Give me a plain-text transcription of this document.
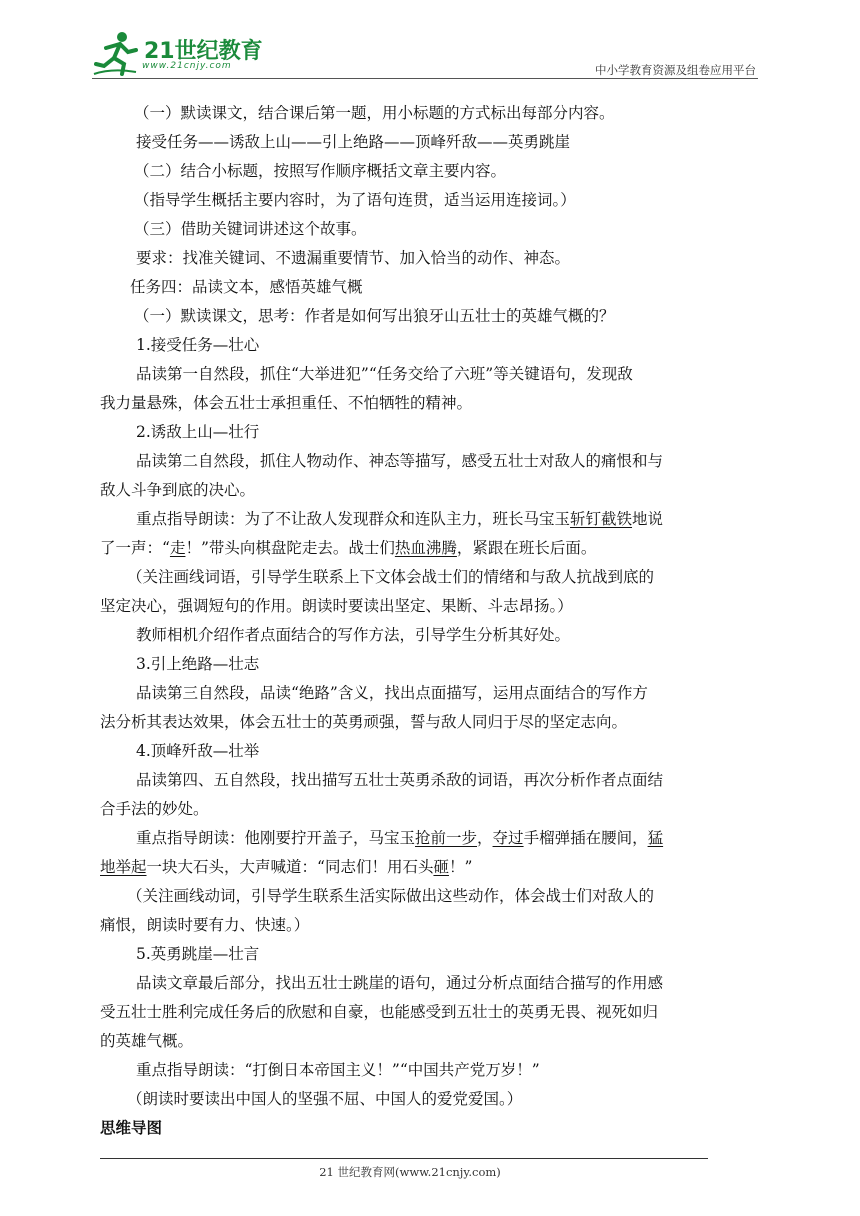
21世纪教育
www.21cnjy.com	中小学教育资源及组卷应用平台
（一）默读课文，结合课后第一题，用小标题的方式标出每部分内容。
接受任务——诱敌上山——引上绝路——顶峰歼敌——英勇跳崖
（二）结合小标题，按照写作顺序概括文章主要内容。
（指导学生概括主要内容时，为了语句连贯，适当运用连接词。）
（三）借助关键词讲述这个故事。
要求：找准关键词、不遗漏重要情节、加入恰当的动作、神态。
任务四：品读文本，感悟英雄气概
（一）默读课文，思考：作者是如何写出狼牙山五壮士的英雄气概的？
1.接受任务—壮心
品读第一自然段，抓住“大举进犯”“任务交给了六班”等关键语句，发现敌
我力量悬殊，体会五壮士承担重任、不怕牺牲的精神。
2.诱敌上山—壮行
品读第二自然段，抓住人物动作、神态等描写，感受五壮士对敌人的痛恨和与
敌人斗争到底的决心。
重点指导朗读：为了不让敌人发现群众和连队主力，班长马宝玉斩钉截铁地说
了一声：“走！”带头向棋盘陀走去。战士们热血沸腾，紧跟在班长后面。
（关注画线词语，引导学生联系上下文体会战士们的情绪和与敌人抗战到底的
坚定决心，强调短句的作用。朗读时要读出坚定、果断、斗志昂扬。）
教师相机介绍作者点面结合的写作方法，引导学生分析其好处。
3.引上绝路—壮志
品读第三自然段，品读“绝路”含义，找出点面描写，运用点面结合的写作方
法分析其表达效果，体会五壮士的英勇顽强，誓与敌人同归于尽的坚定志向。
4.顶峰歼敌—壮举
品读第四、五自然段，找出描写五壮士英勇杀敌的词语，再次分析作者点面结
合手法的妙处。
重点指导朗读：他刚要拧开盖子，马宝玉抢前一步，夺过手榴弹插在腰间，猛
地举起一块大石头，大声喊道：“同志们！用石头砸！”
（关注画线动词，引导学生联系生活实际做出这些动作，体会战士们对敌人的
痛恨，朗读时要有力、快速。）
5.英勇跳崖—壮言
品读文章最后部分，找出五壮士跳崖的语句，通过分析点面结合描写的作用感
受五壮士胜利完成任务后的欣慰和自豪，也能感受到五壮士的英勇无畏、视死如归
的英雄气概。
重点指导朗读：“打倒日本帝国主义！”“中国共产党万岁！”
（朗读时要读出中国人的坚强不屈、中国人的爱党爱国。）
思维导图
21 世纪教育网(www.21cnjy.com)
